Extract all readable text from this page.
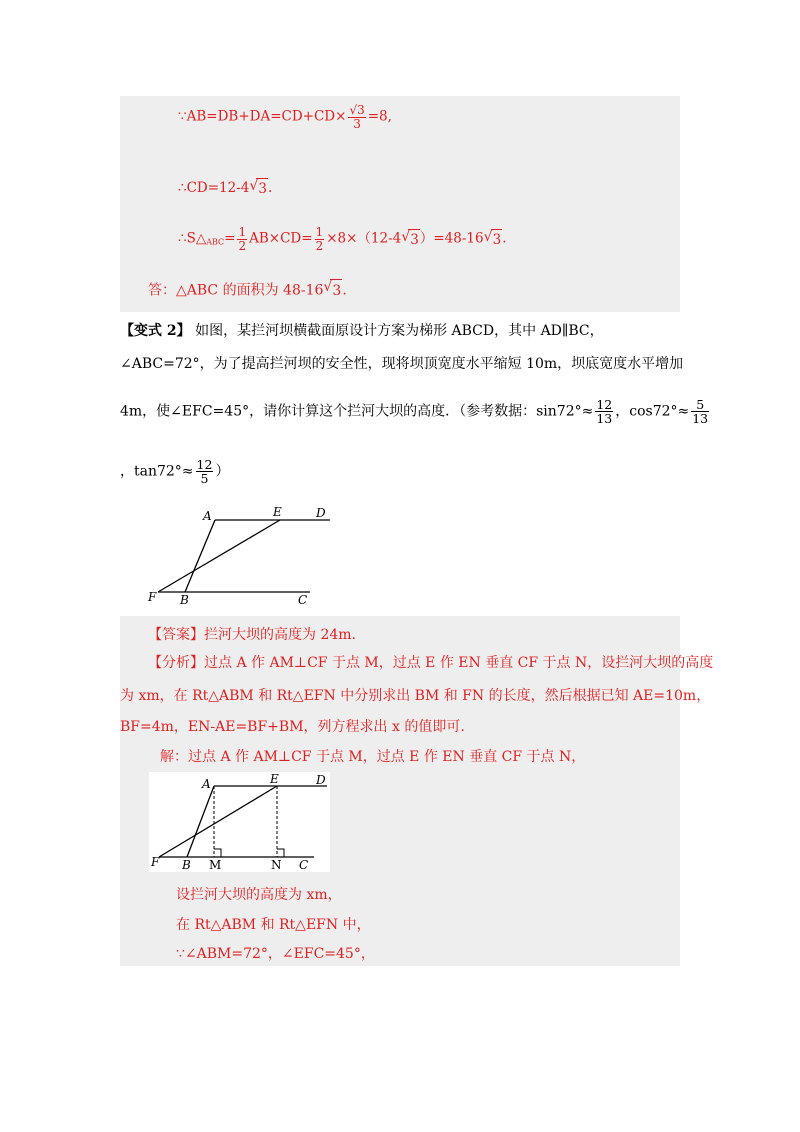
∵AB=DB+DA=CD+CD× $\frac{√3}{3} =8$,
∴CD=12-4 √ 3.
$\therefore S\triangle_{ABC}= \frac{1}{2} AB\times CD= \frac{1}{2} \times 8\times(12-4$ √ 3）=48-16 √ 3.
答：△ABC 的面积为 48-16 √ 3.
【变式 2】 如图，某拦河坝横截面原设计方案为梯形 ABCD，其中 AD∥BC，
∠ABC=72°，为了提高拦河坝的安全性，现将坝顶宽度水平缩短 10m，坝底宽度水平增加
4m，使∠EFC=45°，请你计算这个拦河大坝的高度．（参考数据：$\sin 72^\circ\approx \frac{12}{13}$ ，$\cos 72^\circ\approx \frac{5}{13}$
，$\tan 72^\circ\approx \frac{12}{5}$ ）
A	E	D
F B	C
【答案】拦河大坝的高度为 24m.
【分析】过点 A 作 AM⊥CF 于点 M，过点 E 作 EN 垂直 CF 于点 N，设拦河大坝的高度
为 xm，在 Rt△ABM 和 Rt△EFN 中分别求出 BM 和 FN 的长度，然后根据已知 AE=10m，
BF=4m，EN-AE=BF+BM，列方程求出 x 的值即可.
解：过点 A 作 AM⊥CF 于点 M，过点 E 作 EN 垂直 CF 于点 N，
A	E	D
F B M	N C
设拦河大坝的高度为 xm，
在 Rt△ABM 和 Rt△EFN 中，
∵∠ABM=72°，∠EFC=45°，
